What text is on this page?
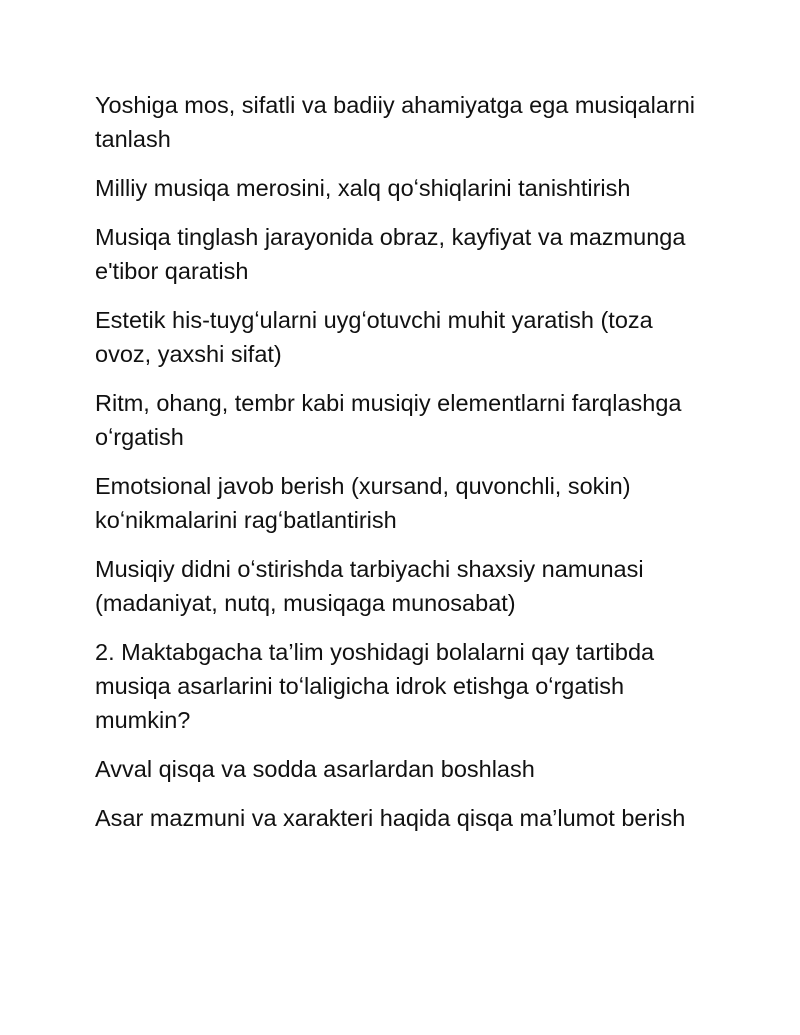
Yoshiga mos, sifatli va badiiy ahamiyatga ega musiqalarni tanlash

Milliy musiqa merosini, xalq qoʻshiqlarini tanishtirish

Musiqa tinglash jarayonida obraz, kayfiyat va mazmunga e'tibor qaratish

Estetik his-tuygʻularni uygʻotuvchi muhit yaratish (toza ovoz, yaxshi sifat)

Ritm, ohang, tembr kabi musiqiy elementlarni farqlashga oʻrgatish

Emotsional javob berish (xursand, quvonchli, sokin) koʻnikmalarini ragʻbatlantirish

Musiqiy didni oʻstirishda tarbiyachi shaxsiy namunasi (madaniyat, nutq, musiqaga munosabat)

2. Maktabgacha ta’lim yoshidagi bolalarni qay tartibda musiqa asarlarini toʻlaligicha idrok etishga oʻrgatish mumkin?

Avval qisqa va sodda asarlardan boshlash

Asar mazmuni va xarakteri haqida qisqa ma’lumot berish
